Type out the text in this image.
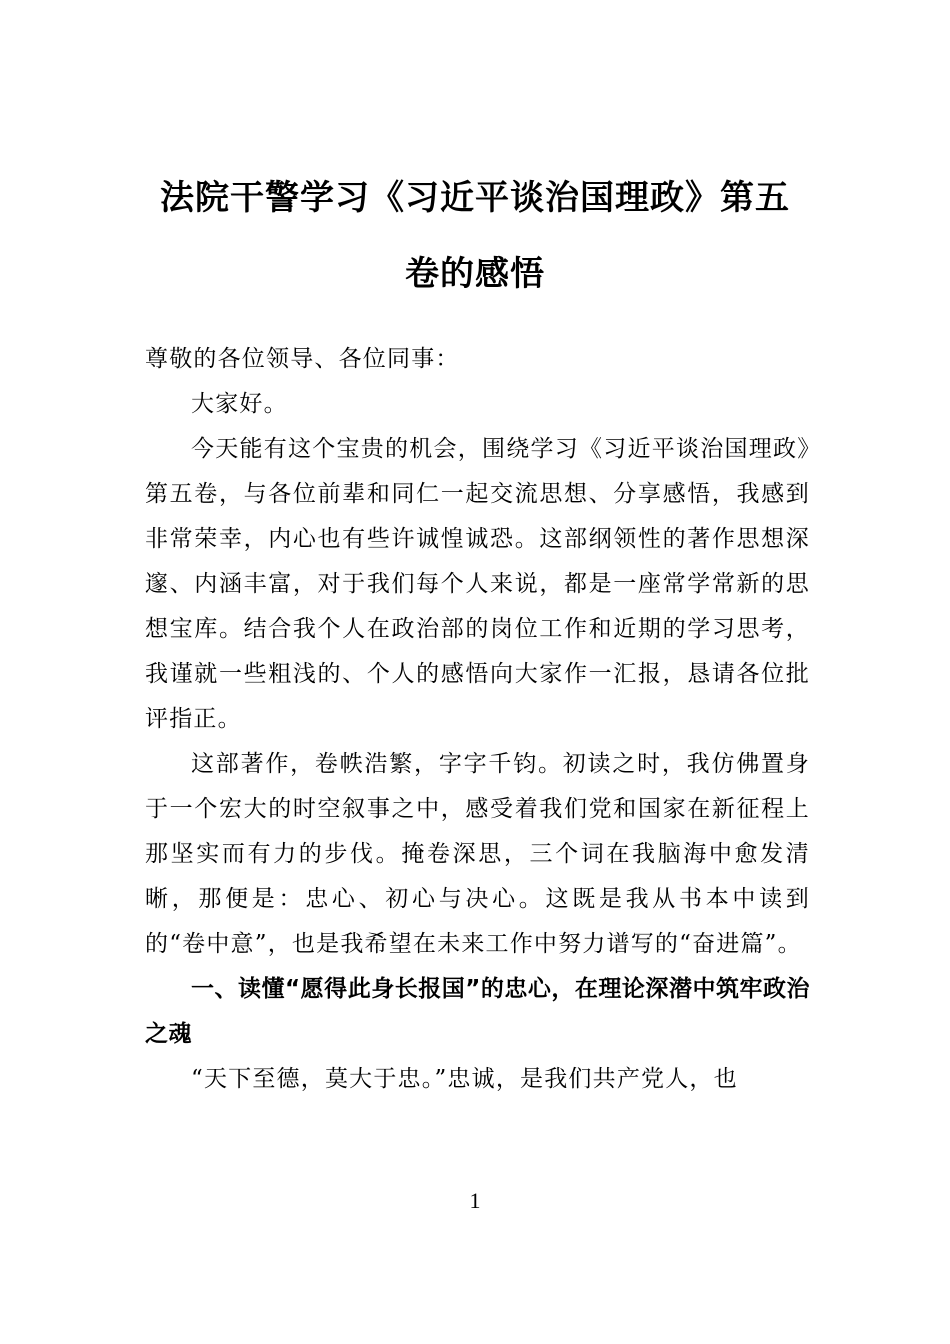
法院干警学习《习近平谈治国理政》第五
卷的感悟

尊敬的各位领导、各位同事：

大家好。

今天能有这个宝贵的机会，围绕学习《习近平谈治国理政》第五卷，与各位前辈和同仁一起交流思想、分享感悟，我感到非常荣幸，内心也有些许诚惶诚恐。这部纲领性的著作思想深邃、内涵丰富，对于我们每个人来说，都是一座常学常新的思想宝库。结合我个人在政治部的岗位工作和近期的学习思考，我谨就一些粗浅的、个人的感悟向大家作一汇报，恳请各位批评指正。

这部著作，卷帙浩繁，字字千钧。初读之时，我仿佛置身于一个宏大的时空叙事之中，感受着我们党和国家在新征程上那坚实而有力的步伐。掩卷深思，三个词在我脑海中愈发清晰，那便是：忠心、初心与决心。这既是我从书本中读到的“卷中意”，也是我希望在未来工作中努力谱写的“奋进篇”。

一、读懂“愿得此身长报国”的忠心，在理论深潜中筑牢政治之魂

“天下至德，莫大于忠。”忠诚，是我们共产党人，也

1
